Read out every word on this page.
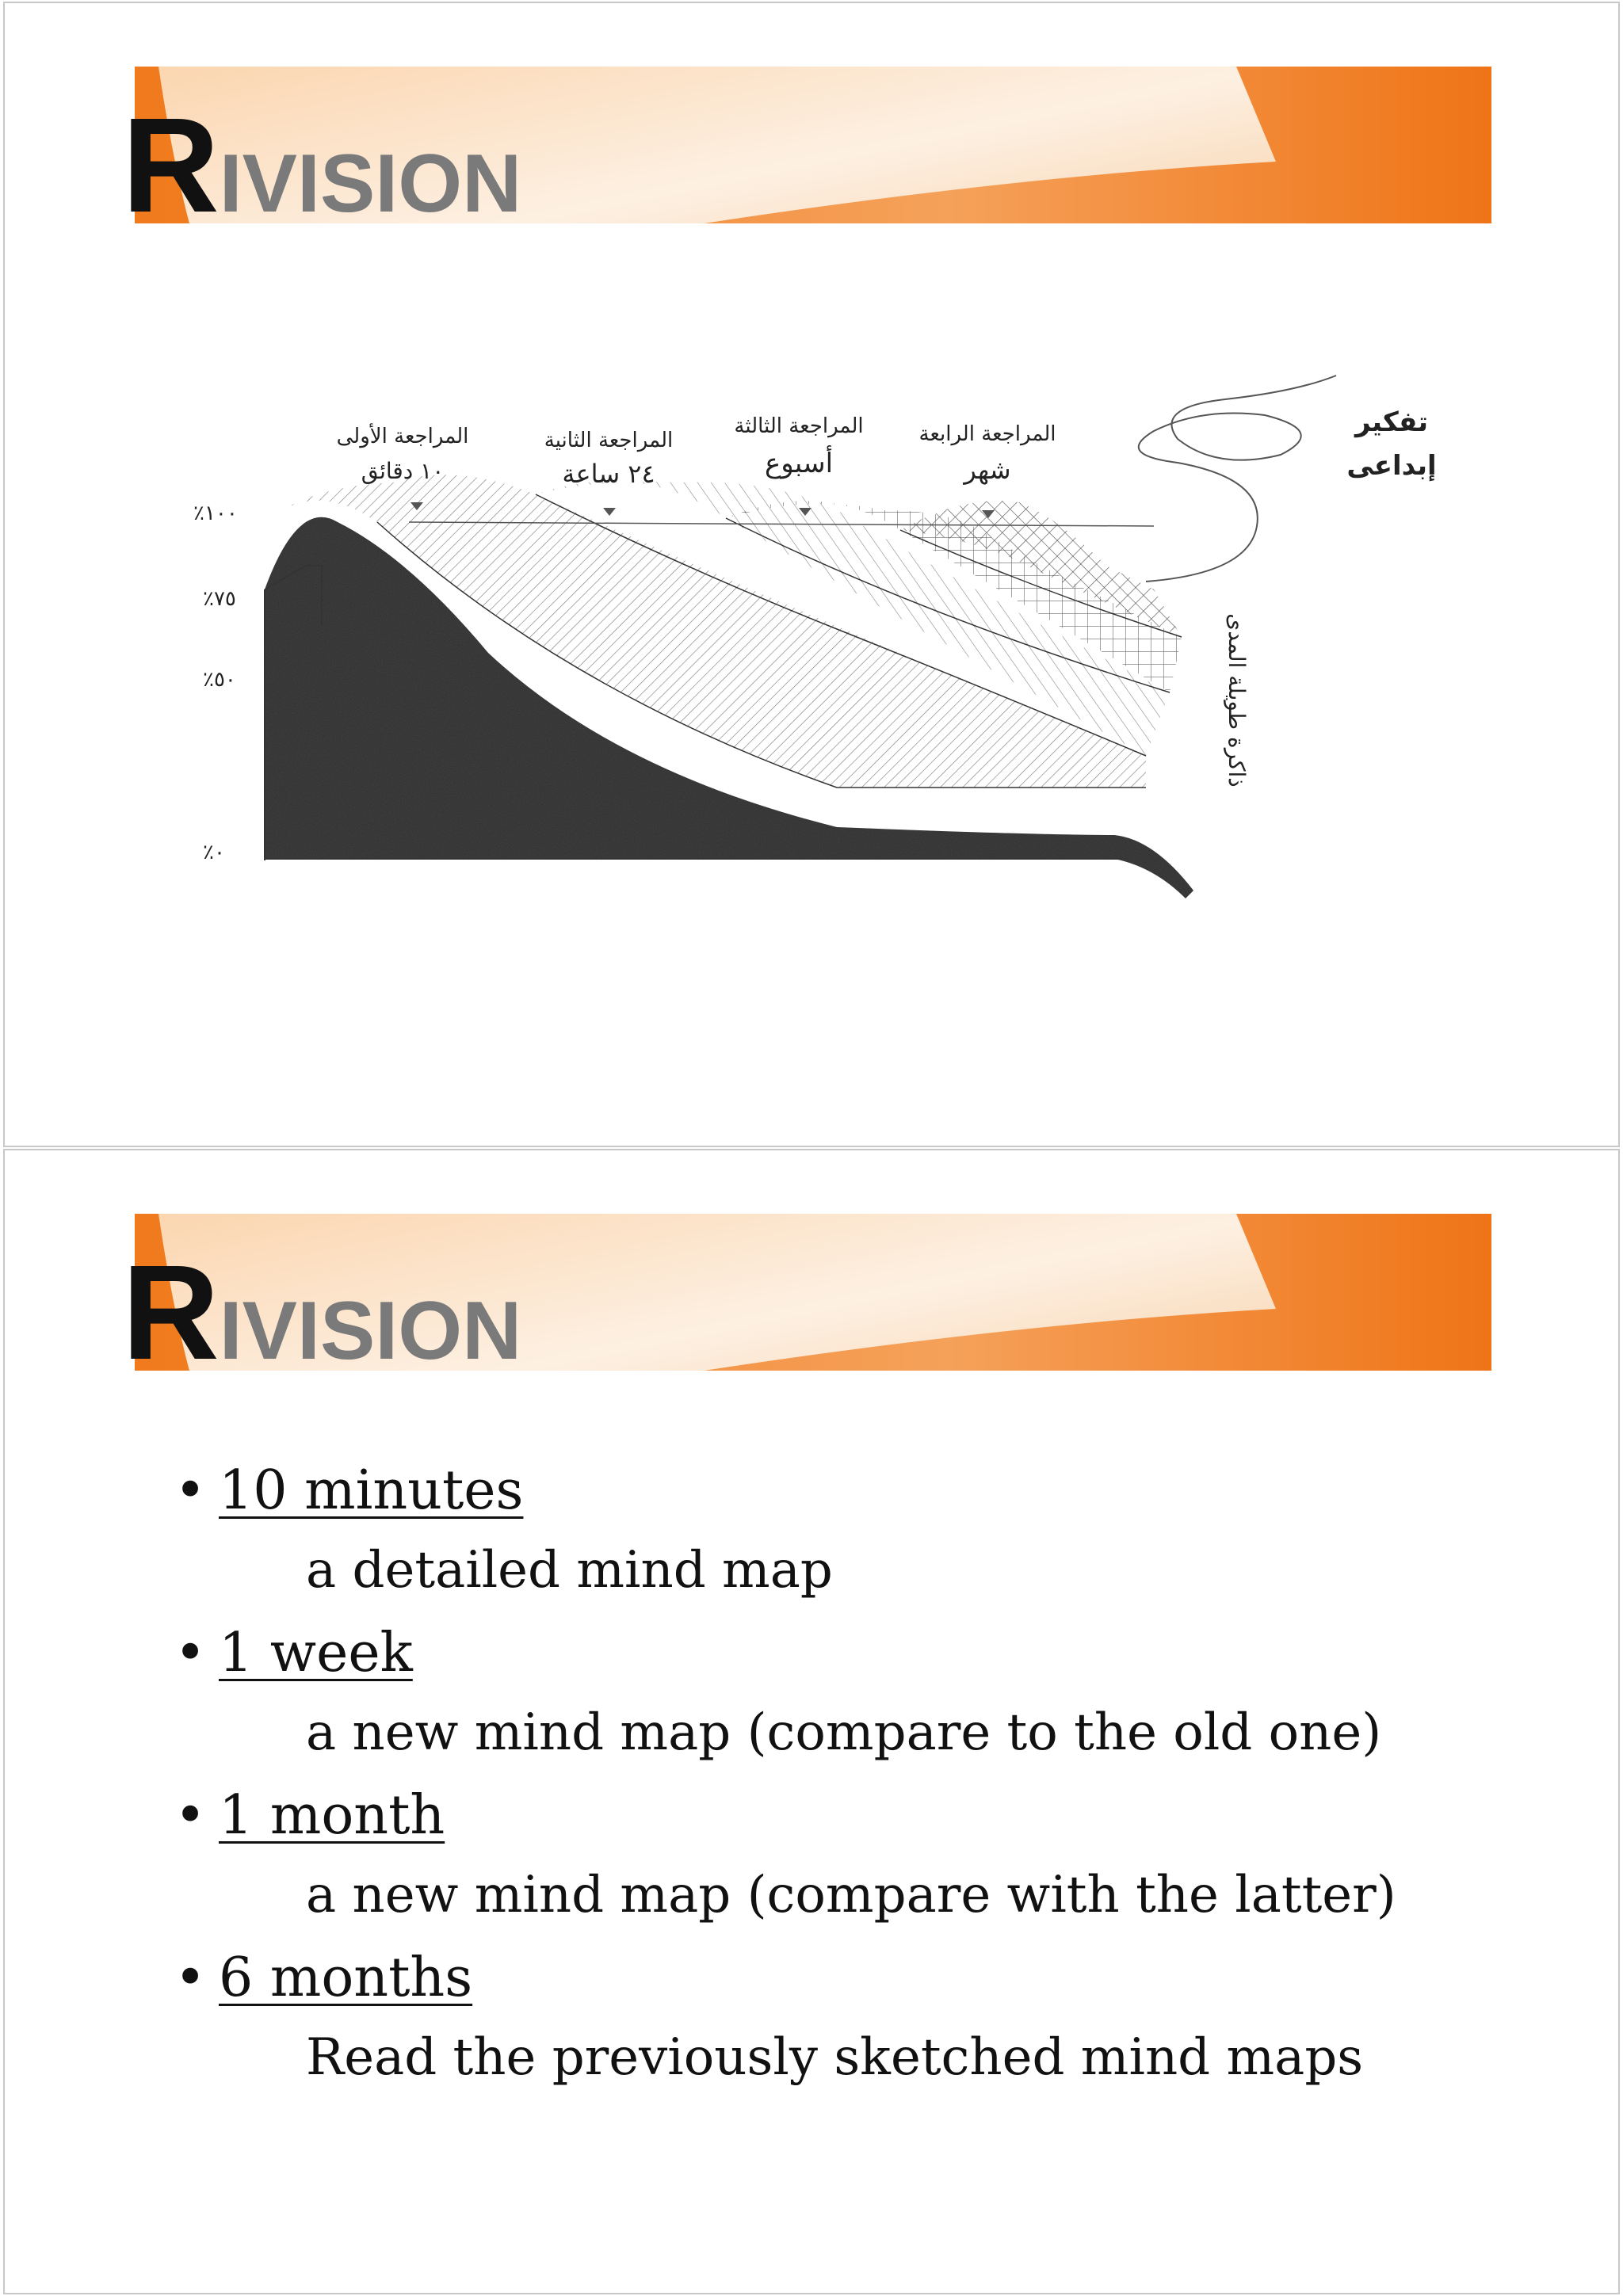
RIVISION
٪١٠٠
٪٧٥
٪٥٠
٪٠
المراجعة الأولى
١٠ دقائق
المراجعة الثانية
٢٤ ساعة
المراجعة الثالثة
أسبوع
المراجعة الرابعة
شهر
تفكير
إبداعى
ذاكرة طويلة المدى
RIVISION
• 10 minutes
a detailed mind map
• 1 week
a new mind map (compare to the old one)
• 1 month
a new mind map (compare with the latter)
• 6 months
Read the previously sketched mind maps
